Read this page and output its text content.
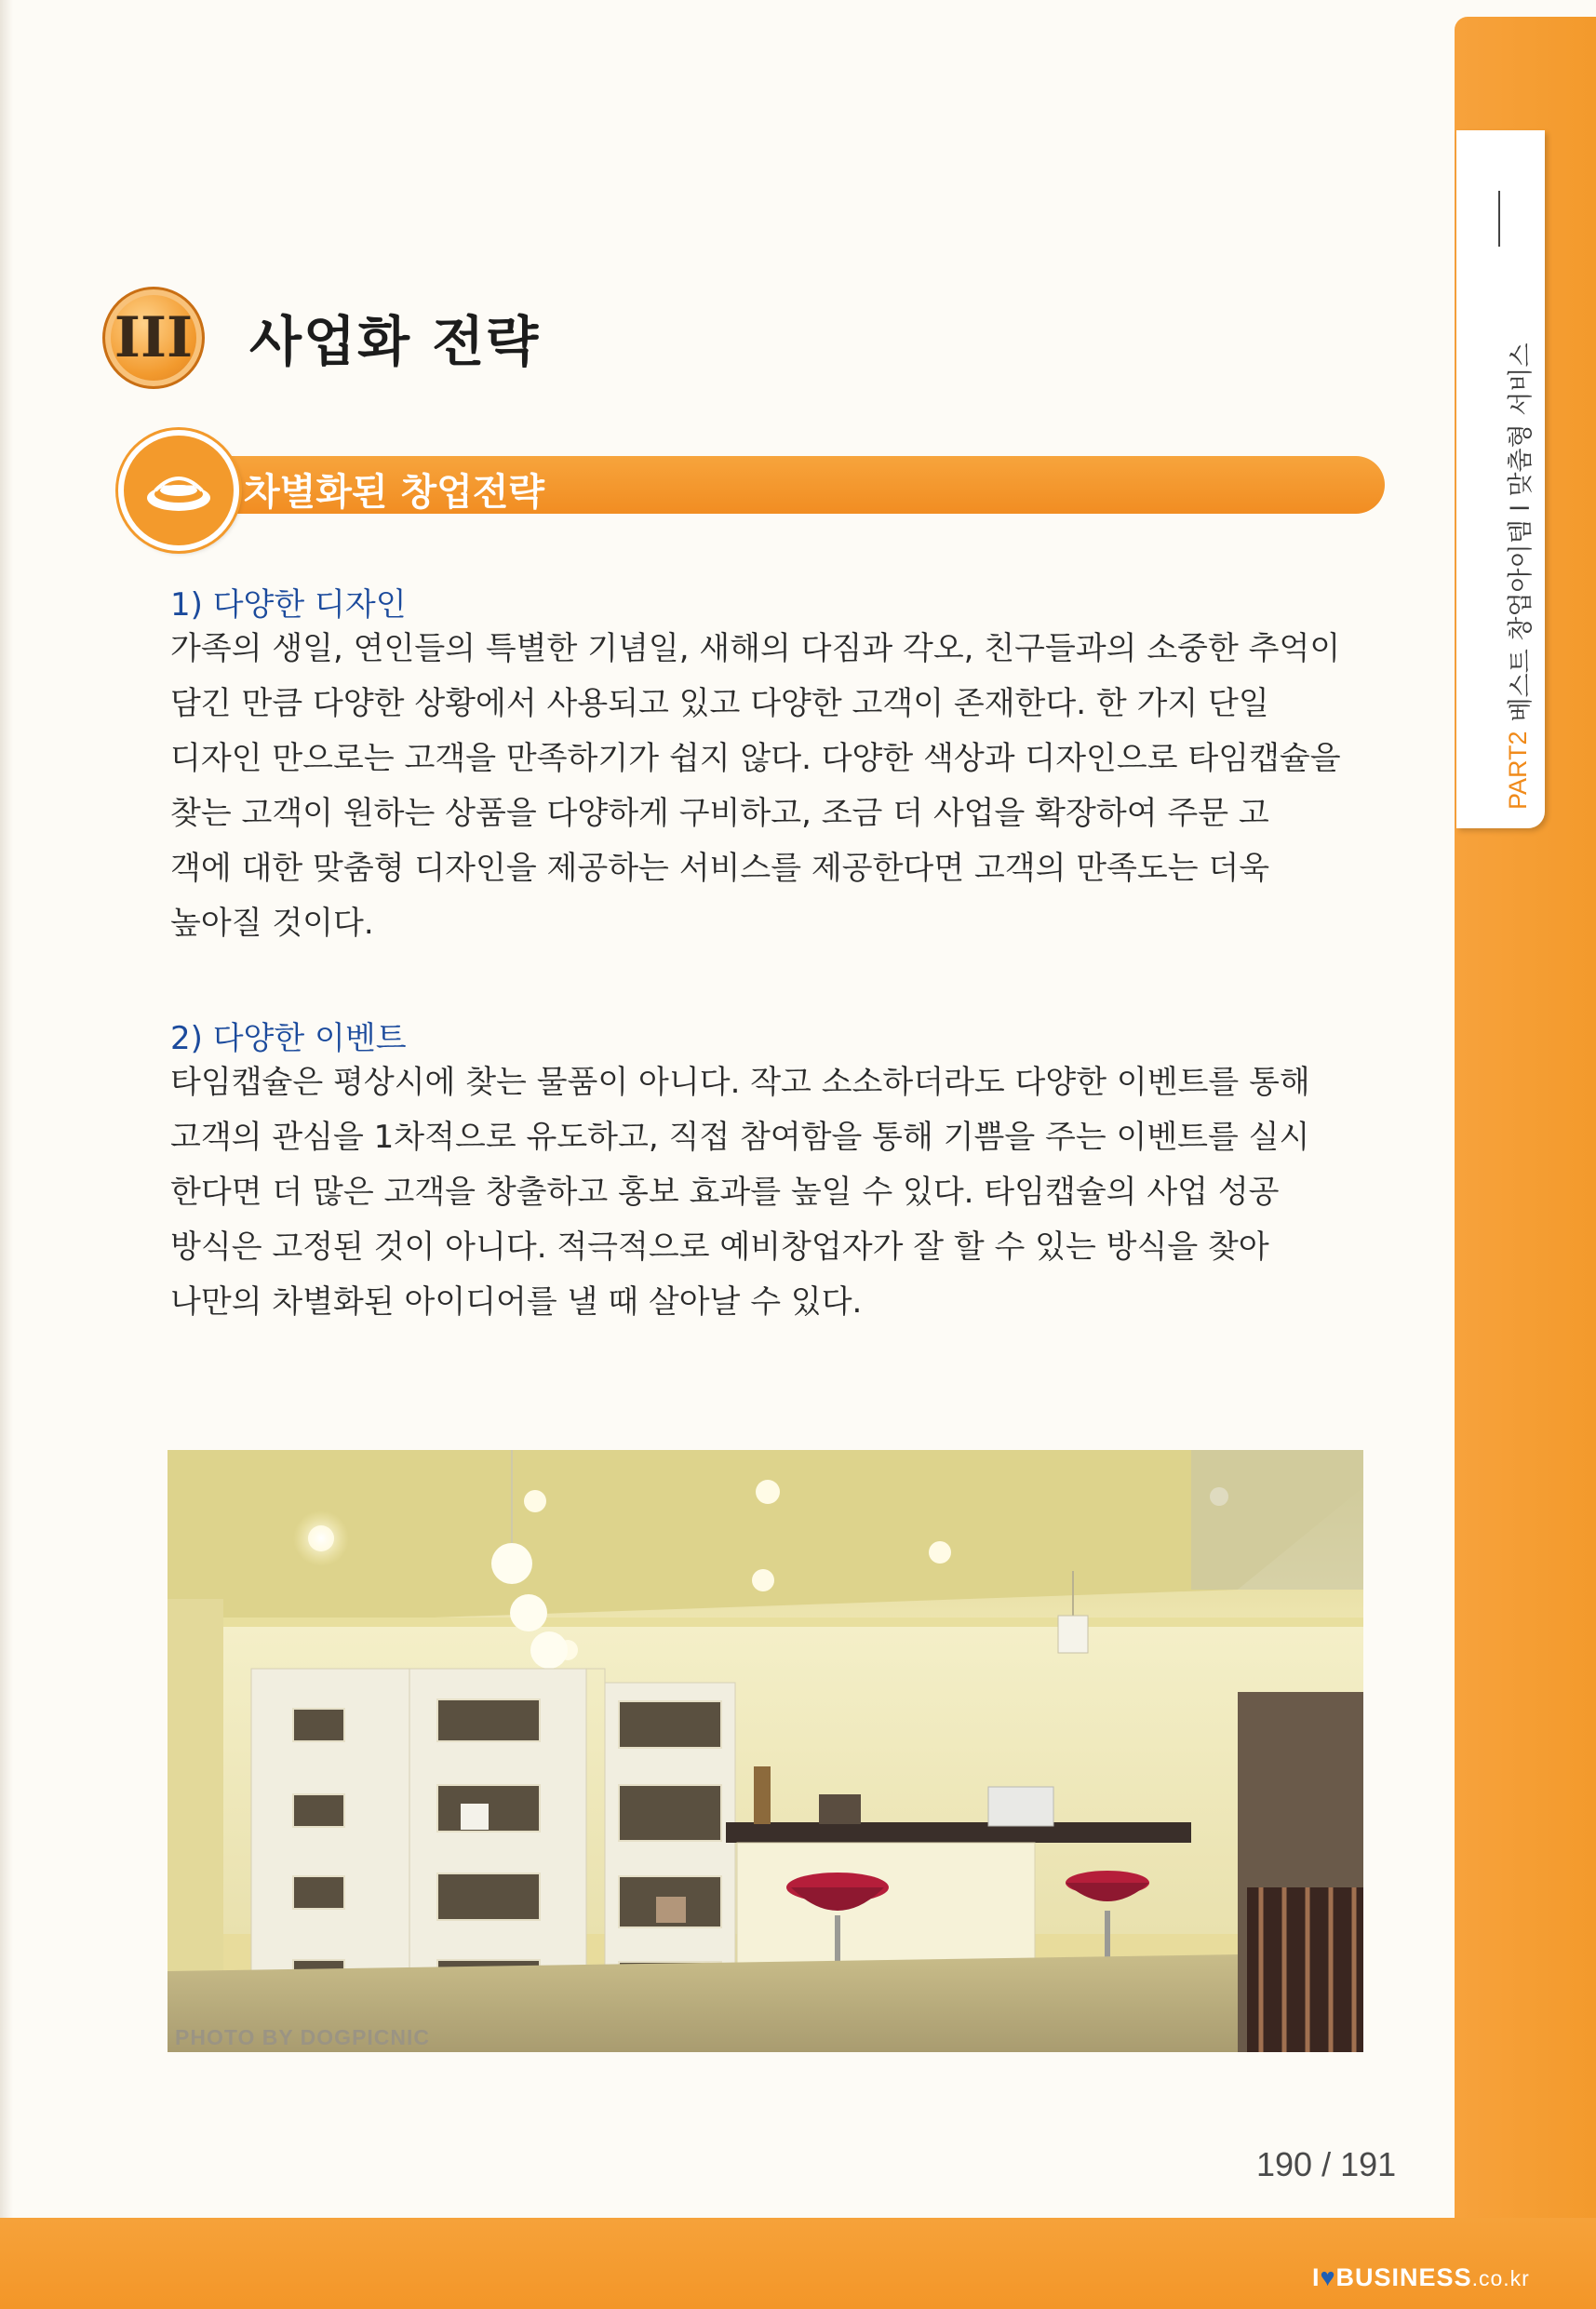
PART2
베스트 창업아이템 l 맞춤형 서비스
III 사업화 전략
차별화된 창업전략
1) 다양한 디자인
가족의 생일, 연인들의 특별한 기념일, 새해의 다짐과 각오, 친구들과의 소중한 추억이
담긴 만큼 다양한 상황에서 사용되고 있고 다양한 고객이 존재한다. 한 가지 단일
디자인 만으로는 고객을 만족하기가 쉽지 않다. 다양한 색상과 디자인으로 타임캡슐을
찾는 고객이 원하는 상품을 다양하게 구비하고, 조금 더 사업을 확장하여 주문 고
객에 대한 맞춤형 디자인을 제공하는 서비스를 제공한다면 고객의 만족도는 더욱
높아질 것이다.
2) 다양한 이벤트
타임캡슐은 평상시에 찾는 물품이 아니다. 작고 소소하더라도 다양한 이벤트를 통해
고객의 관심을 1차적으로 유도하고, 직접 참여함을 통해 기쁨을 주는 이벤트를 실시
한다면 더 많은 고객을 창출하고 홍보 효과를 높일 수 있다. 타임캡슐의 사업 성공
방식은 고정된 것이 아니다. 적극적으로 예비창업자가 잘 할 수 있는 방식을 찾아
나만의 차별화된 아이디어를 낼 때 살아날 수 있다.
PHOTO BY DOGPICNIC
190 / 191
I♥BUSINESS.co.kr
